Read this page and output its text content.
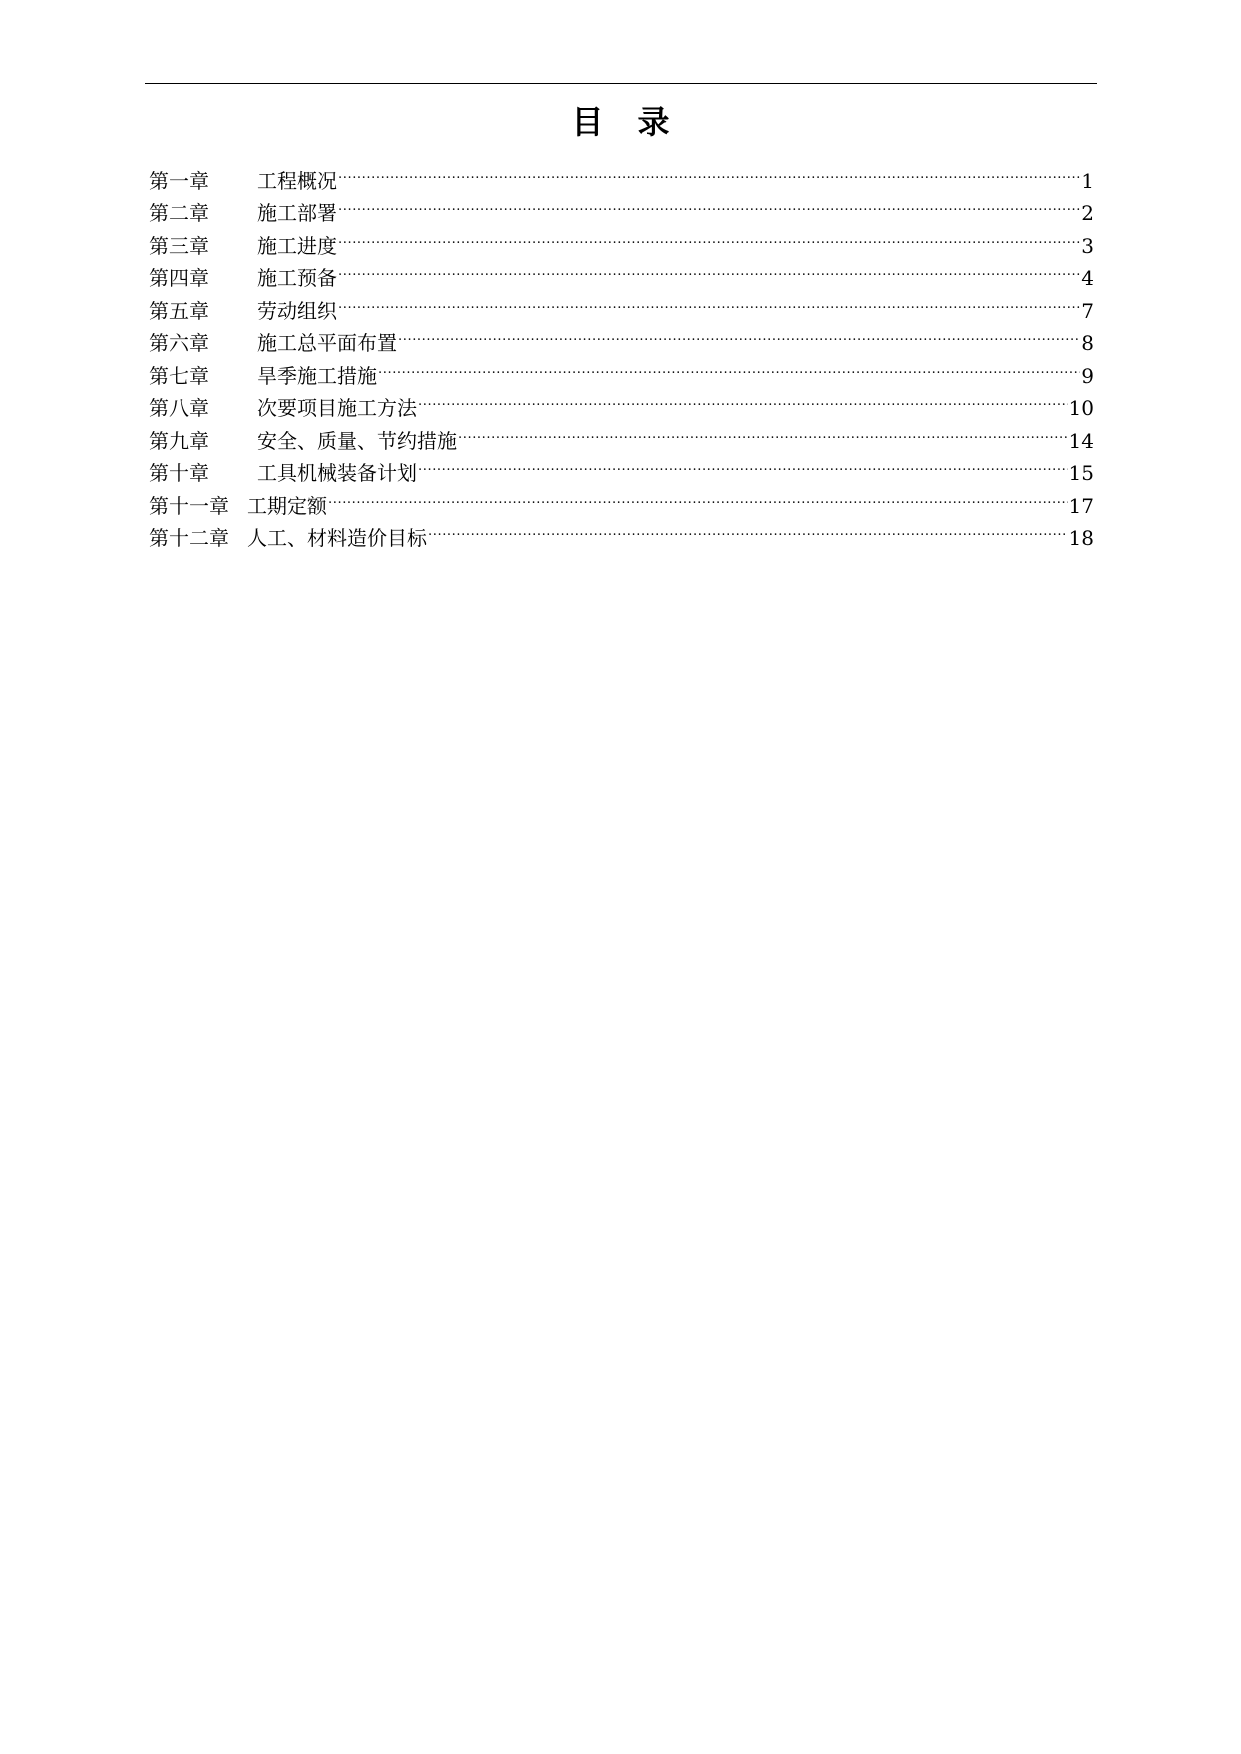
目 录
第一章	工程概况 .....	1
第二章	施工部署 .....	2
第三章	施工进度 .....	3
第四章	施工预备 .....	4
第五章	劳动组织 .....	7
第六章	施工总平面布置 .....	8
第七章	旱季施工措施 .....	9
第八章	次要项目施工方法 .....	10
第九章	安全、质量、节约措施 .....	14
第十章	工具机械装备计划 .....	15
第十一章 工期定额 .....	17
第十二章 人工、材料造价目标 .....	18
